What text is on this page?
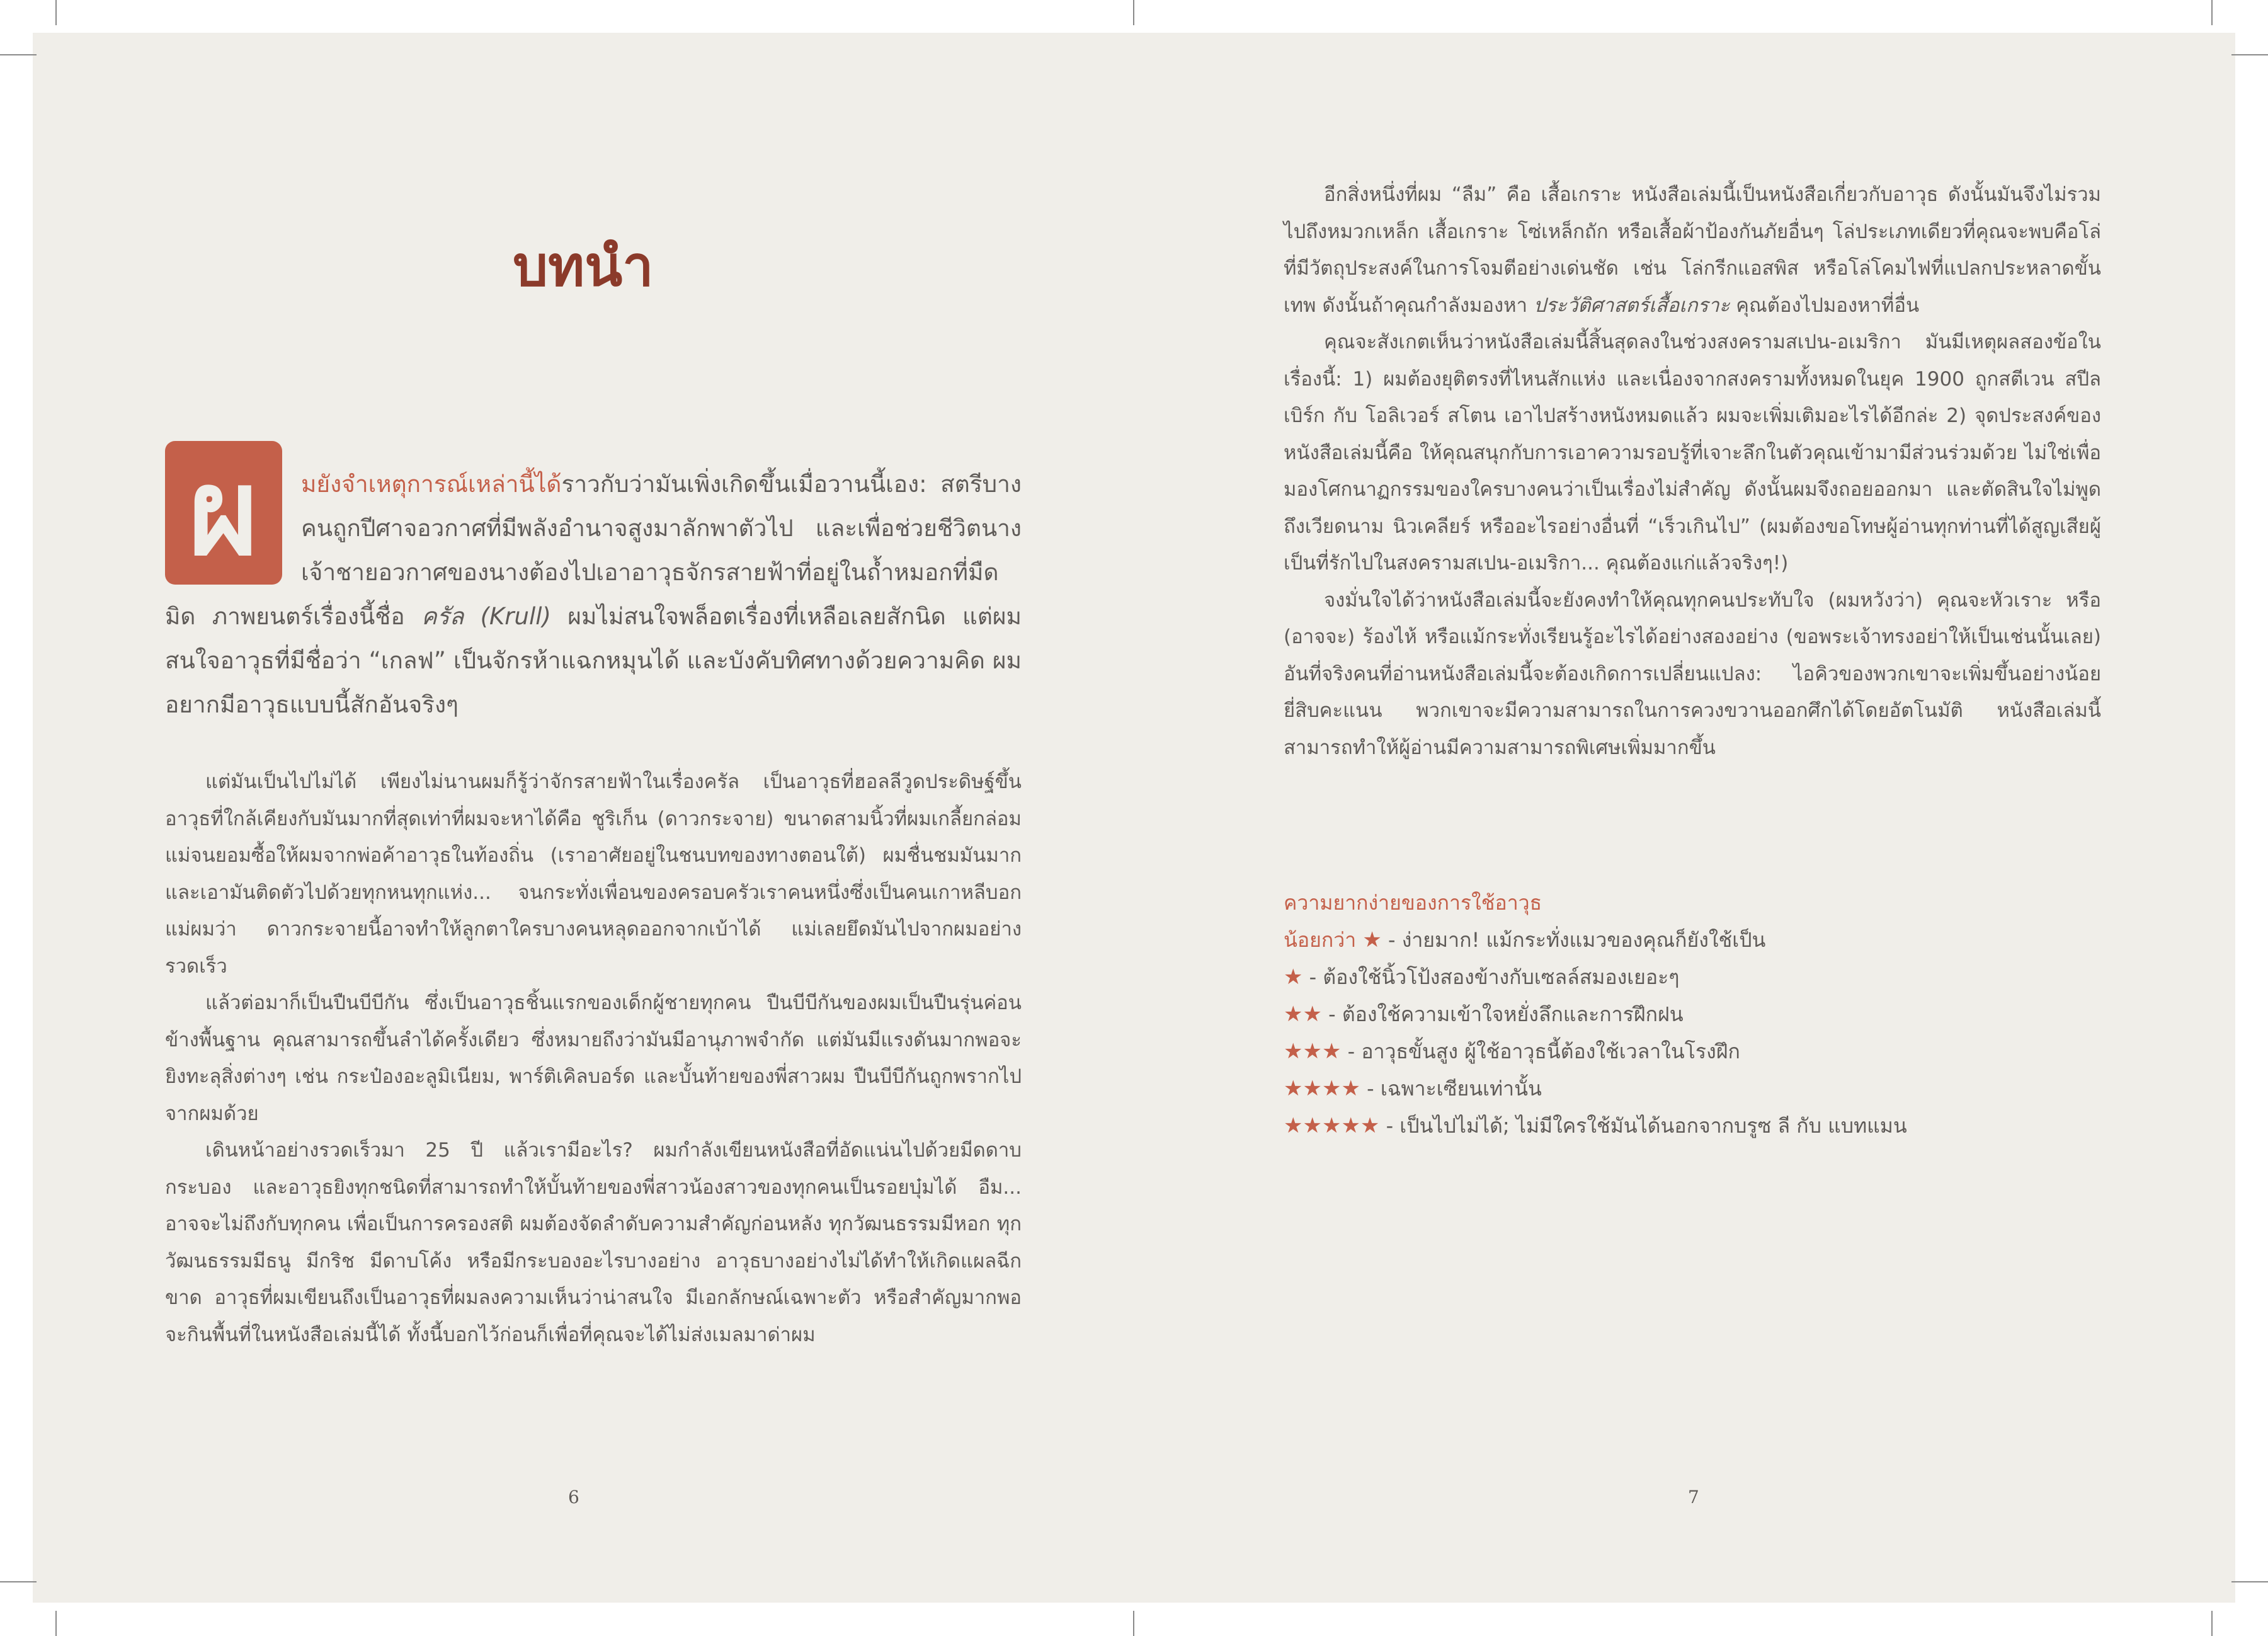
บทนำ
ผ	มยังจำเหตุการณ์เหล่านี้ได้ราวกับว่ามันเพิ่งเกิดขึ้นเมื่อวานนี้เอง: สตรีบางคนถูกปีศาจอวกาศที่มีพลังอำนาจสูงมาลักพาตัวไป และเพื่อช่วยชีวิตนาง เจ้าชายอวกาศของนางต้องไปเอาอาวุธจักรสายฟ้าที่อยู่ในถ้ำหมอกที่มืดมิด ภาพยนตร์เรื่องนี้ชื่อ ครัล (Krull) ผมไม่สนใจพล็อตเรื่องที่เหลือเลยสักนิด แต่ผมสนใจอาวุธที่มีชื่อว่า “เกลฟ” เป็นจักรห้าแฉกหมุนได้ และบังคับทิศทางด้วยความคิด ผมอยากมีอาวุธแบบนี้สักอันจริงๆ

แต่มันเป็นไปไม่ได้ เพียงไม่นานผมก็รู้ว่าจักรสายฟ้าในเรื่องครัล เป็นอาวุธที่ฮอลลีวูดประดิษฐ์ขึ้น อาวุธที่ใกล้เคียงกับมันมากที่สุดเท่าที่ผมจะหาได้คือ ชูริเก็น (ดาวกระจาย) ขนาดสามนิ้วที่ผมเกลี้ยกล่อมแม่จนยอมซื้อให้ผมจากพ่อค้าอาวุธในท้องถิ่น (เราอาศัยอยู่ในชนบทของทางตอนใต้) ผมชื่นชมมันมาก และเอามันติดตัวไปด้วยทุกหนทุกแห่ง... จนกระทั่งเพื่อนของครอบครัวเราคนหนึ่งซึ่งเป็นคนเกาหลีบอกแม่ผมว่า ดาวกระจายนี้อาจทำให้ลูกตาใครบางคนหลุดออกจากเบ้าได้ แม่เลยยึดมันไปจากผมอย่างรวดเร็ว

แล้วต่อมาก็เป็นปืนบีบีกัน ซึ่งเป็นอาวุธชิ้นแรกของเด็กผู้ชายทุกคน ปืนบีบีกันของผมเป็นปืนรุ่นค่อนข้างพื้นฐาน คุณสามารถขึ้นลำได้ครั้งเดียว ซึ่งหมายถึงว่ามันมีอานุภาพจำกัด แต่มันมีแรงดันมากพอจะยิงทะลุสิ่งต่างๆ เช่น กระป๋องอะลูมิเนียม, พาร์ติเคิลบอร์ด และบั้นท้ายของพี่สาวผม ปืนบีบีกันถูกพรากไปจากผมด้วย

เดินหน้าอย่างรวดเร็วมา 25 ปี แล้วเรามีอะไร? ผมกำลังเขียนหนังสือที่อัดแน่นไปด้วยมีดดาบ กระบอง และอาวุธยิงทุกชนิดที่สามารถทำให้บั้นท้ายของพี่สาวน้องสาวของทุกคนเป็นรอยบุ๋มได้ อืม... อาจจะไม่ถึงกับทุกคน เพื่อเป็นการครองสติ ผมต้องจัดลำดับความสำคัญก่อนหลัง ทุกวัฒนธรรมมีหอก ทุกวัฒนธรรมมีธนู มีกริช มีดาบโค้ง หรือมีกระบองอะไรบางอย่าง อาวุธบางอย่างไม่ได้ทำให้เกิดแผลฉีกขาด อาวุธที่ผมเขียนถึงเป็นอาวุธที่ผมลงความเห็นว่าน่าสนใจ มีเอกลักษณ์เฉพาะตัว หรือสำคัญมากพอจะกินพื้นที่ในหนังสือเล่มนี้ได้ ทั้งนี้บอกไว้ก่อนก็เพื่อที่คุณจะได้ไม่ส่งเมลมาด่าผม

6

อีกสิ่งหนึ่งที่ผม “ลืม” คือ เสื้อเกราะ หนังสือเล่มนี้เป็นหนังสือเกี่ยวกับอาวุธ ดังนั้นมันจึงไม่รวมไปถึงหมวกเหล็ก เสื้อเกราะ โซ่เหล็กถัก หรือเสื้อผ้าป้องกันภัยอื่นๆ โล่ประเภทเดียวที่คุณจะพบคือโล่ที่มีวัตถุประสงค์ในการโจมตีอย่างเด่นชัด เช่น โล่กรีกแอสพิส หรือโล่โคมไฟที่แปลกประหลาดขั้นเทพ ดังนั้นถ้าคุณกำลังมองหา ประวัติศาสตร์เสื้อเกราะ คุณต้องไปมองหาที่อื่น

คุณจะสังเกตเห็นว่าหนังสือเล่มนี้สิ้นสุดลงในช่วงสงครามสเปน-อเมริกา มันมีเหตุผลสองข้อในเรื่องนี้: 1) ผมต้องยุติตรงที่ไหนสักแห่ง และเนื่องจากสงครามทั้งหมดในยุค 1900 ถูกสตีเวน สปีลเบิร์ก กับ โอลิเวอร์ สโตน เอาไปสร้างหนังหมดแล้ว ผมจะเพิ่มเติมอะไรได้อีกล่ะ 2) จุดประสงค์ของหนังสือเล่มนี้คือ ให้คุณสนุกกับการเอาความรอบรู้ที่เจาะลึกในตัวคุณเข้ามามีส่วนร่วมด้วย ไม่ใช่เพื่อมองโศกนาฏกรรมของใครบางคนว่าเป็นเรื่องไม่สำคัญ ดังนั้นผมจึงถอยออกมา และตัดสินใจไม่พูดถึงเวียดนาม นิวเคลียร์ หรืออะไรอย่างอื่นที่ “เร็วเกินไป” (ผมต้องขอโทษผู้อ่านทุกท่านที่ได้สูญเสียผู้เป็นที่รักไปในสงครามสเปน-อเมริกา... คุณต้องแก่แล้วจริงๆ!)

จงมั่นใจได้ว่าหนังสือเล่มนี้จะยังคงทำให้คุณทุกคนประทับใจ (ผมหวังว่า) คุณจะหัวเราะ หรือ (อาจจะ) ร้องไห้ หรือแม้กระทั่งเรียนรู้อะไรได้อย่างสองอย่าง (ขอพระเจ้าทรงอย่าให้เป็นเช่นนั้นเลย) อันที่จริงคนที่อ่านหนังสือเล่มนี้จะต้องเกิดการเปลี่ยนแปลง: ไอคิวของพวกเขาจะเพิ่มขึ้นอย่างน้อยยี่สิบคะแนน พวกเขาจะมีความสามารถในการควงขวานออกศึกได้โดยอัตโนมัติ หนังสือเล่มนี้สามารถทำให้ผู้อ่านมีความสามารถพิเศษเพิ่มมากขึ้น

ความยากง่ายของการใช้อาวุธ
น้อยกว่า ★ - ง่ายมาก! แม้กระทั่งแมวของคุณก็ยังใช้เป็น
★ - ต้องใช้นิ้วโป้งสองข้างกับเซลล์สมองเยอะๆ
★★ - ต้องใช้ความเข้าใจหยั่งลึกและการฝึกฝน
★★★ - อาวุธขั้นสูง ผู้ใช้อาวุธนี้ต้องใช้เวลาในโรงฝึก
★★★★ - เฉพาะเซียนเท่านั้น
★★★★★ - เป็นไปไม่ได้; ไม่มีใครใช้มันได้นอกจากบรูซ ลี กับ แบทแมน
7
